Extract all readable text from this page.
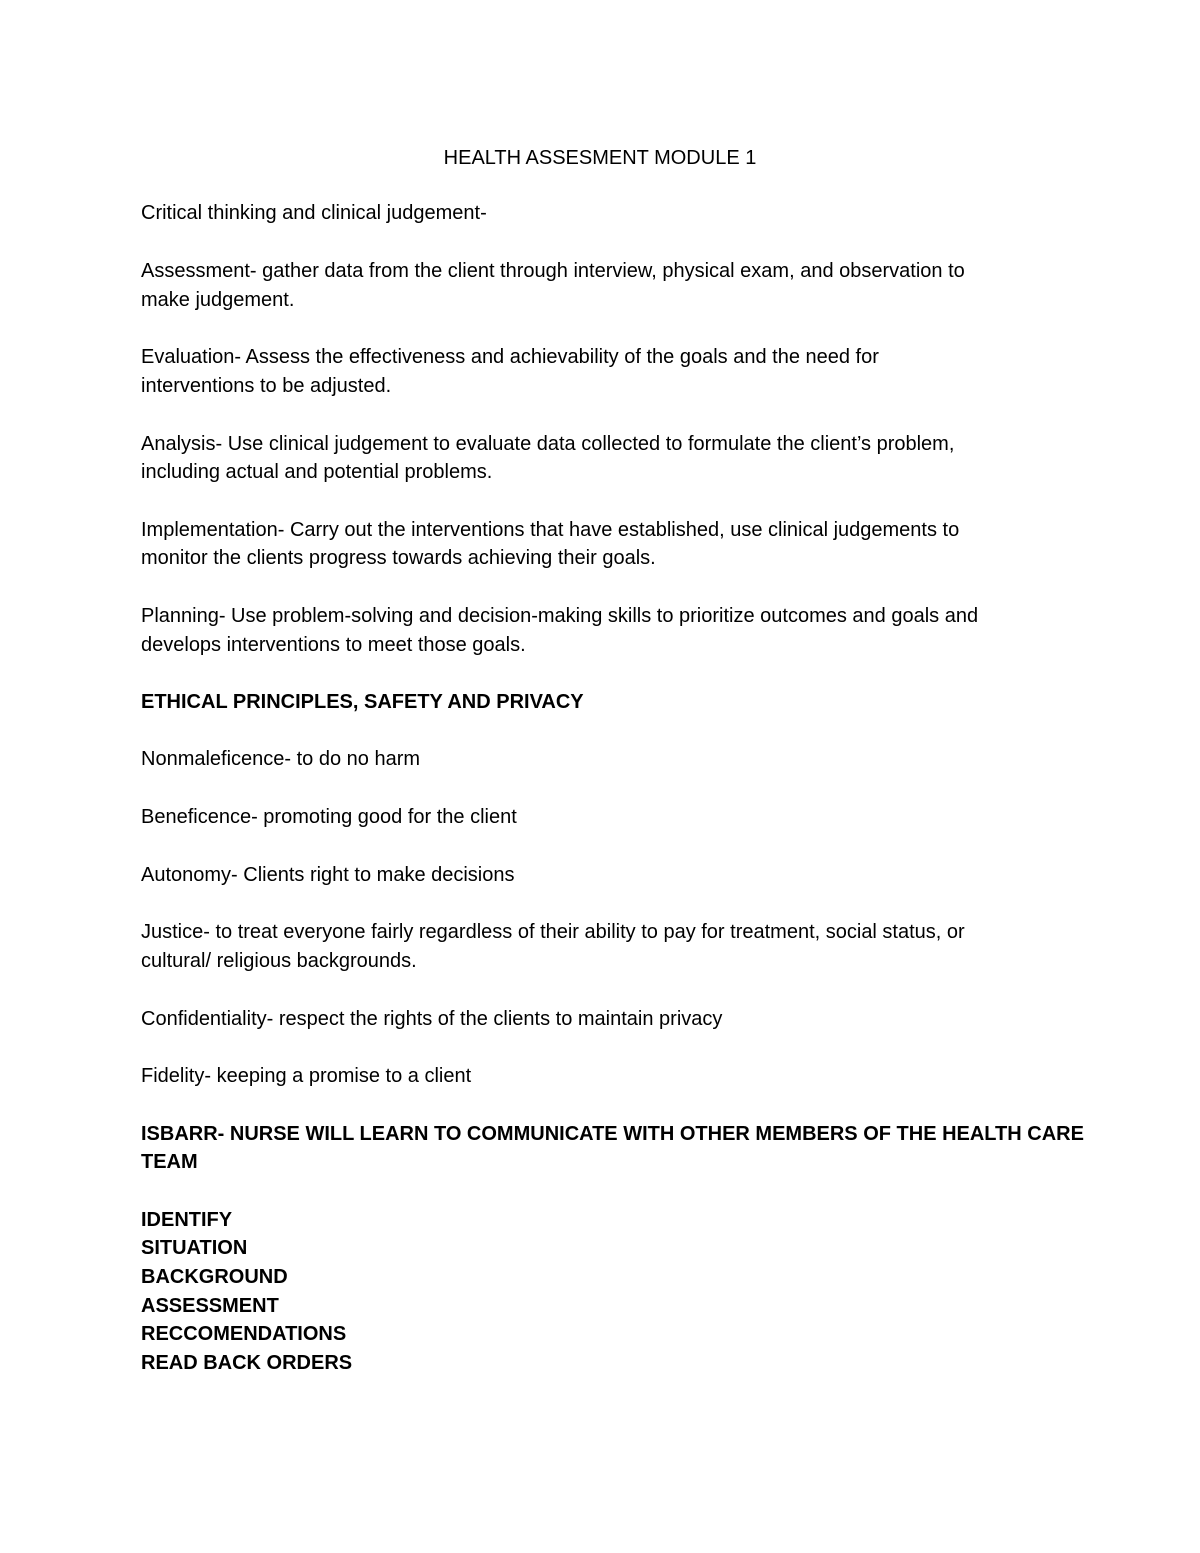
HEALTH ASSESMENT MODULE 1

Critical thinking and clinical judgement-

Assessment- gather data from the client through interview, physical exam, and observation to

make judgement.

Evaluation- Assess the effectiveness and achievability of the goals and the need for

interventions to be adjusted.

Analysis- Use clinical judgement to evaluate data collected to formulate the client’s problem,

including actual and potential problems.

Implementation- Carry out the interventions that have established, use clinical judgements to

monitor the clients progress towards achieving their goals.

Planning- Use problem-solving and decision-making skills to prioritize outcomes and goals and

develops interventions to meet those goals.

ETHICAL PRINCIPLES, SAFETY AND PRIVACY

Nonmaleficence- to do no harm

Beneficence- promoting good for the client

Autonomy- Clients right to make decisions

Justice- to treat everyone fairly regardless of their ability to pay for treatment, social status, or

cultural/ religious backgrounds.

Confidentiality- respect the rights of the clients to maintain privacy

Fidelity- keeping a promise to a client

ISBARR- NURSE WILL LEARN TO COMMUNICATE WITH OTHER MEMBERS OF THE HEALTH CARE

TEAM

IDENTIFY

SITUATION

BACKGROUND

ASSESSMENT

RECCOMENDATIONS

READ BACK ORDERS
